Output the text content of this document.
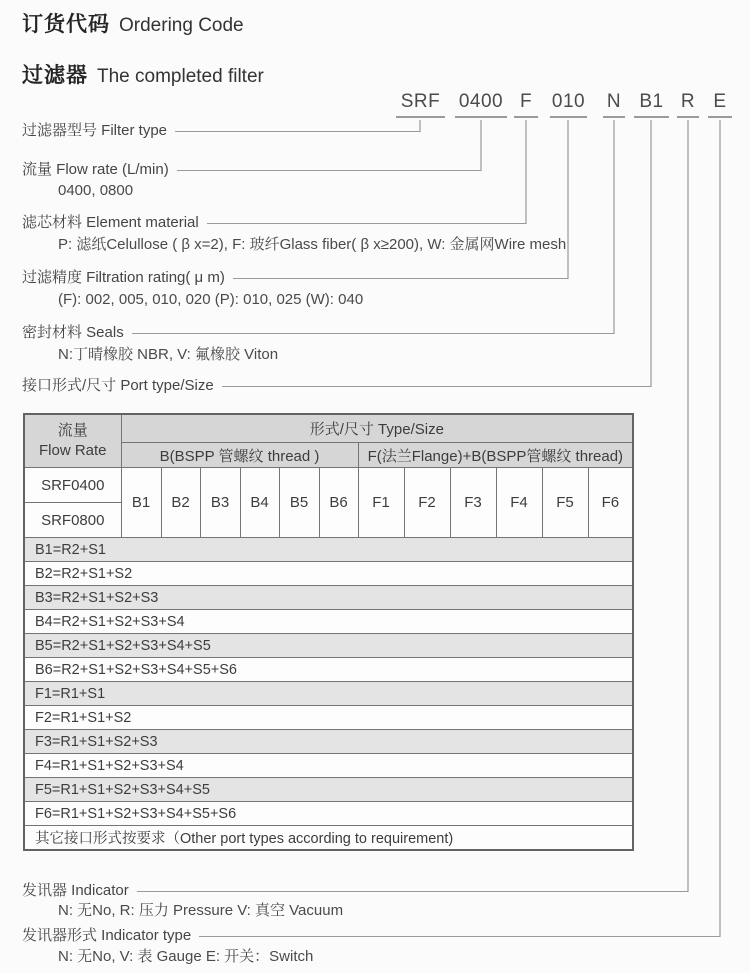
订货代码 Ordering Code
过滤器 The completed filter
SRF 0400 F	010 N B1 R E
过滤器型号 Filter type
流量 Flow rate (L/min)
0400, 0800
滤芯材料 Element material
P: 滤纸Celullose ( β x=2), F: 玻纤Glass fiber( β x≥200), W: 金属网Wire mesh
过滤精度 Filtration rating( μ m)
(F): 002, 005, 010, 020 (P): 010, 025 (W): 040
密封材料 Seals
N:丁晴橡胶 NBR, V: 氟橡胶 Viton
接口形式/尺寸 Port type/Size
发讯器 Indicator
N: 无No, R: 压力 Pressure V: 真空 Vacuum
发讯器形式 Indicator type
N: 无No, V: 表 Gauge E: 开关：Switch
流量
Flow Rate	形式/尺寸 Type/Size											
	B(BSPP 管螺纹 thread )						F(法兰Flange)+B(BSPP管螺纹 thread)					
SRF0400	B1	B2	B3	B4	B5	B6	F1	F2	F3	F4	F5	F6
SRF0800												
B1=R2+S1												
B2=R2+S1+S2												
B3=R2+S1+S2+S3												
B4=R2+S1+S2+S3+S4												
B5=R2+S1+S2+S3+S4+S5												
B6=R2+S1+S2+S3+S4+S5+S6												
F1=R1+S1												
F2=R1+S1+S2												
F3=R1+S1+S2+S3												
F4=R1+S1+S2+S3+S4												
F5=R1+S1+S2+S3+S4+S5												
F6=R1+S1+S2+S3+S4+S5+S6												
其它接口形式按要求（Other port types according to requirement)												
